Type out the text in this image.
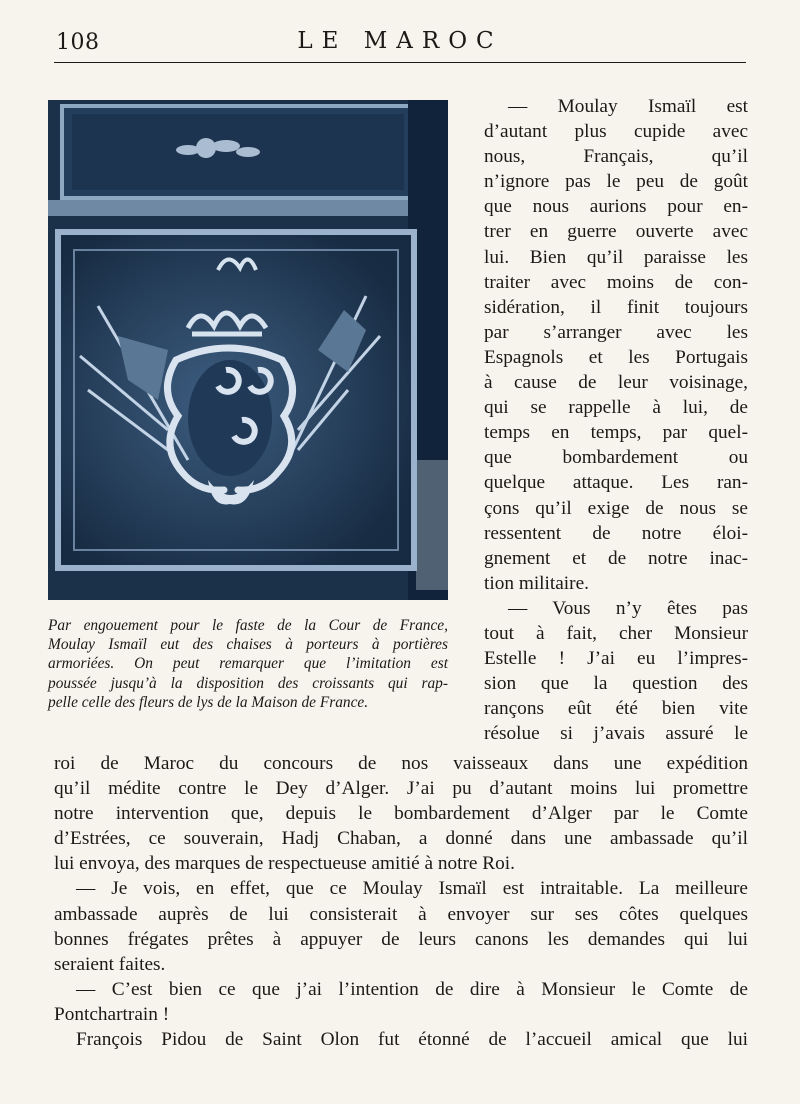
108	LE MAROC
Par engouement pour le faste de la Cour de France,
Moulay Ismaïl eut des chaises à porteurs à portières
armoriées. On peut remarquer que l’imitation est
poussée jusqu’à la disposition des croissants qui rap-
pelle celle des fleurs de lys de la Maison de France.
— Moulay Ismaïl est
d’autant plus cupide avec
nous, Français, qu’il
n’ignore pas le peu de goût
que nous aurions pour en-
trer en guerre ouverte avec
lui. Bien qu’il paraisse les
traiter avec moins de con-
sidération, il finit toujours
par s’arranger avec les
Espagnols et les Portugais
à cause de leur voisinage,
qui se rappelle à lui, de
temps en temps, par quel-
que bombardement ou
quelque attaque. Les ran-
çons qu’il exige de nous se
ressentent de notre éloi-
gnement et de notre inac-
tion militaire.
— Vous n’y êtes pas
tout à fait, cher Monsieur
Estelle ! J’ai eu l’impres-
sion que la question des
rançons eût été bien vite
résolue si j’avais assuré le
roi de Maroc du concours de nos vaisseaux dans une expédition
qu’il médite contre le Dey d’Alger. J’ai pu d’autant moins lui promettre
notre intervention que, depuis le bombardement d’Alger par le Comte
d’Estrées, ce souverain, Hadj Chaban, a donné dans une ambassade qu’il
lui envoya, des marques de respectueuse amitié à notre Roi.
— Je vois, en effet, que ce Moulay Ismaïl est intraitable. La meilleure
ambassade auprès de lui consisterait à envoyer sur ses côtes quelques
bonnes frégates prêtes à appuyer de leurs canons les demandes qui lui
seraient faites.
— C’est bien ce que j’ai l’intention de dire à Monsieur le Comte de
Pontchartrain !
François Pidou de Saint Olon fut étonné de l’accueil amical que lui
